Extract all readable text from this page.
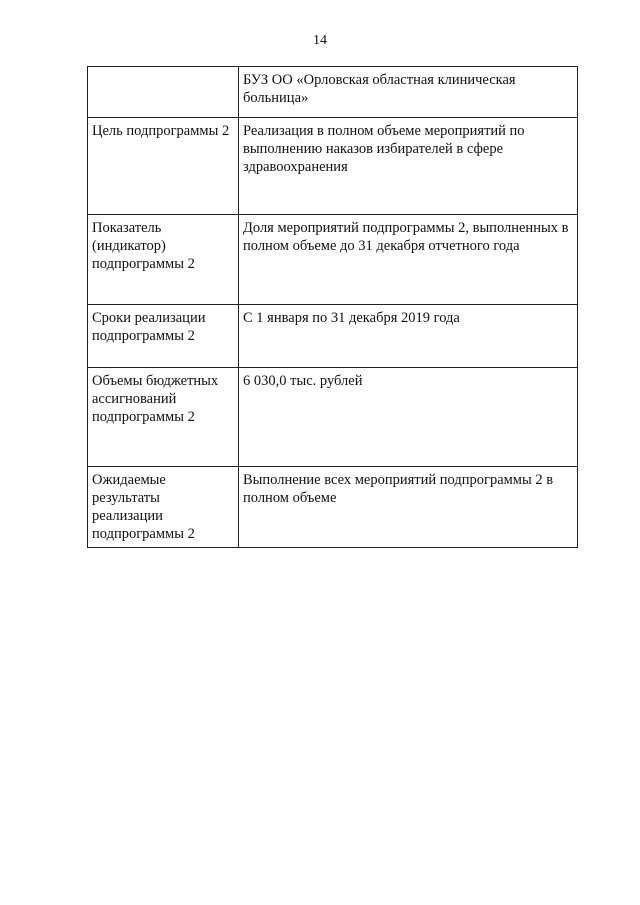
14
	БУЗ ОО «Орловская областная клиническая больница»
Цель подпрограммы 2	Реализация в полном объеме мероприятий по выполнению наказов избирателей в сфере здравоохранения
Показатель (индикатор) подпрограммы 2	Доля мероприятий подпрограммы 2, выполненных в полном объеме до 31 декабря отчетного года
Сроки реализации подпрограммы 2	С 1 января по 31 декабря 2019 года
Объемы бюджетных ассигнований подпрограммы 2	6 030,0 тыс. рублей
Ожидаемые результаты реализации подпрограммы 2	Выполнение всех мероприятий подпрограммы 2 в полном объеме
